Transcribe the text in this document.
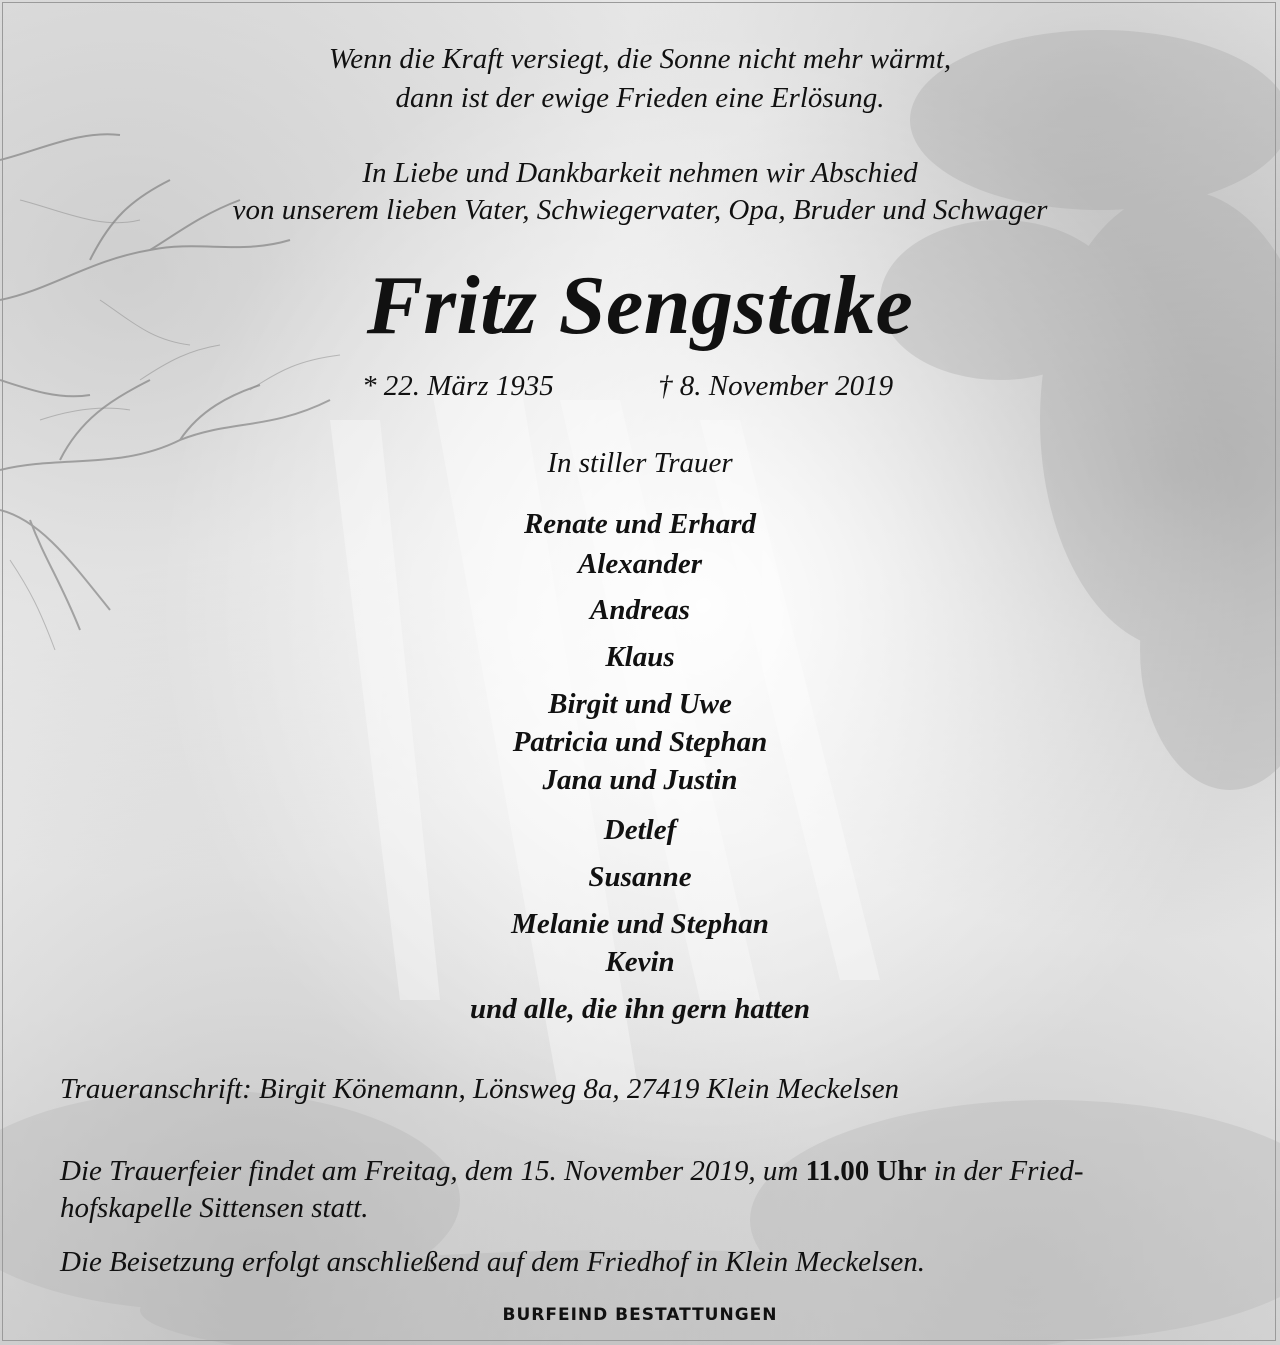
Wenn die Kraft versiegt, die Sonne nicht mehr wärmt,
dann ist der ewige Frieden eine Erlösung.
In Liebe und Dankbarkeit nehmen wir Abschied
von unserem lieben Vater, Schwiegervater, Opa, Bruder und Schwager
Fritz Sengstake
* 22. März 1935	† 8. November 2019
In stiller Trauer
Renate und Erhard
Alexander
Andreas
Klaus
Birgit und Uwe
Patricia und Stephan
Jana und Justin
Detlef
Susanne
Melanie und Stephan
Kevin
und alle, die ihn gern hatten
Traueranschrift: Birgit Könemann, Lönsweg 8a, 27419 Klein Meckelsen
Die Trauerfeier findet am Freitag, dem 15. November 2019, um 11.00 Uhr in der Fried-
hofskapelle Sittensen statt.
Die Beisetzung erfolgt anschließend auf dem Friedhof in Klein Meckelsen.
BURFEIND BESTATTUNGEN
